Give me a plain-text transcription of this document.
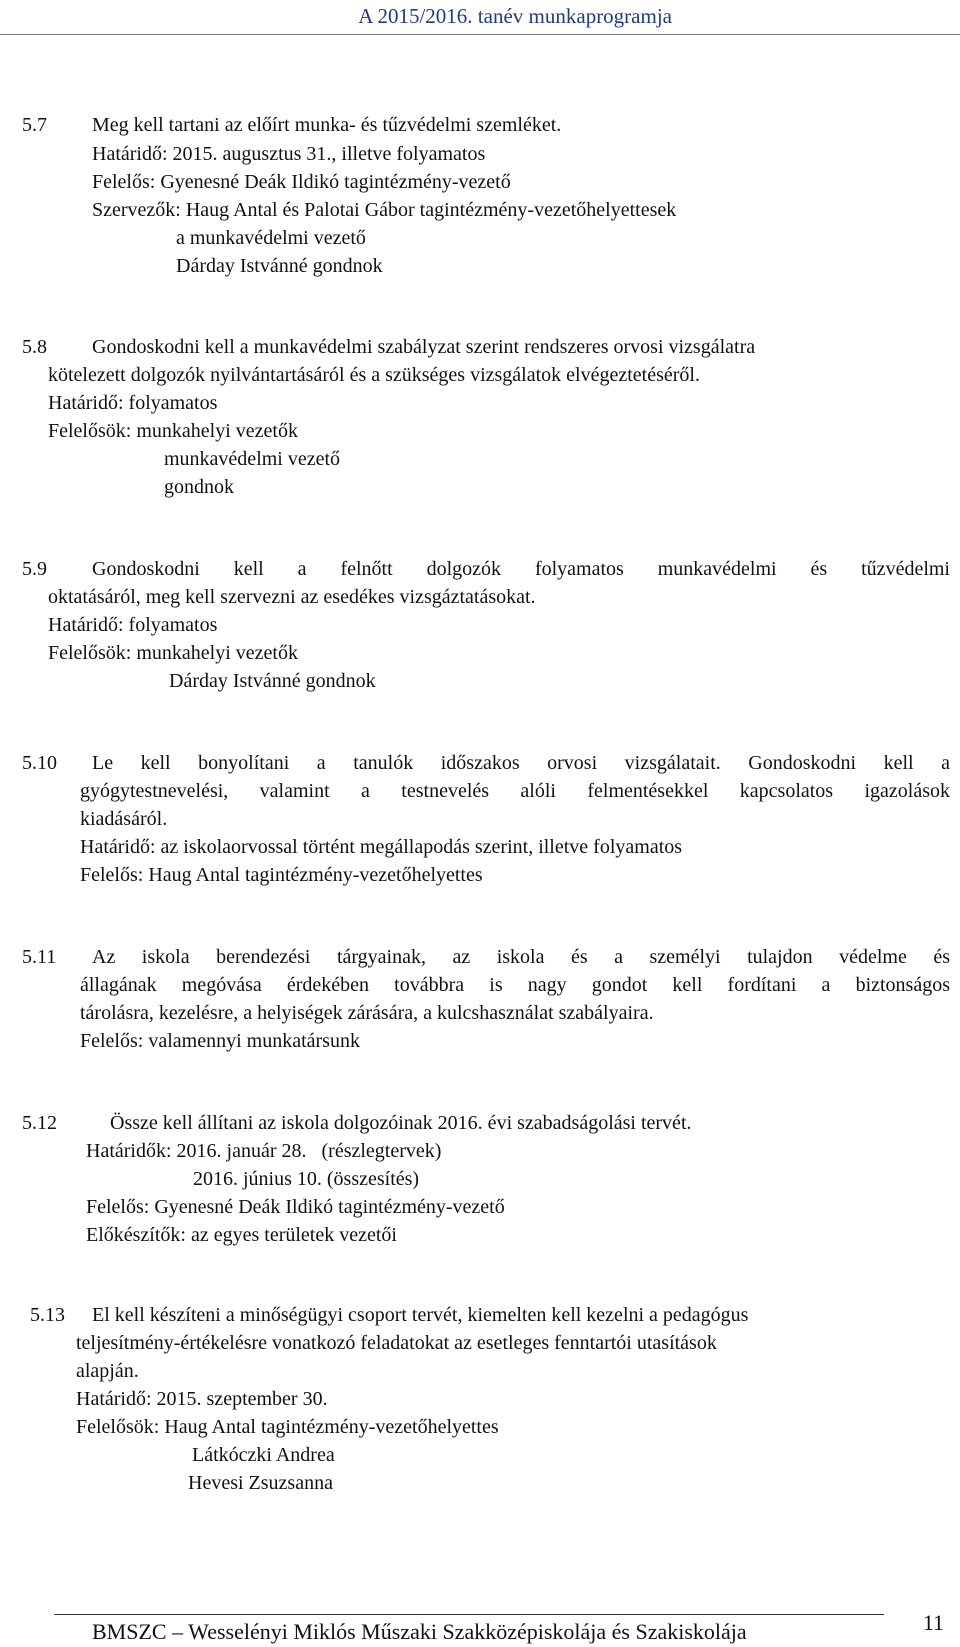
A 2015/2016. tanév munkaprogramja
5.7 Meg kell tartani az előírt munka- és tűzvédelmi szemléket.
Határidő: 2015. augusztus 31., illetve folyamatos
Felelős: Gyenesné Deák Ildikó tagintézmény-vezető
Szervezők: Haug Antal és Palotai Gábor tagintézmény-vezetőhelyettesek
a munkavédelmi vezető
Dárday Istvánné gondnok
5.8 Gondoskodni kell a munkavédelmi szabályzat szerint rendszeres orvosi vizsgálatra
kötelezett dolgozók nyilvántartásáról és a szükséges vizsgálatok elvégeztetéséről.
Határidő: folyamatos
Felelősök: munkahelyi vezetők
munkavédelmi vezető
gondnok
5.9 Gondoskodni kell a felnőtt dolgozók folyamatos munkavédelmi és tűzvédelmi
oktatásáról, meg kell szervezni az esedékes vizsgáztatásokat.
Határidő: folyamatos
Felelősök: munkahelyi vezetők
Dárday Istvánné gondnok
5.10 Le kell bonyolítani a tanulók időszakos orvosi vizsgálatait. Gondoskodni kell a
gyógytestnevelési, valamint a testnevelés alóli felmentésekkel kapcsolatos igazolások
kiadásáról.
Határidő: az iskolaorvossal történt megállapodás szerint, illetve folyamatos
Felelős: Haug Antal tagintézmény-vezetőhelyettes
5.11 Az iskola berendezési tárgyainak, az iskola és a személyi tulajdon védelme és
állagának megóvása érdekében továbbra is nagy gondot kell fordítani a biztonságos
tárolásra, kezelésre, a helyiségek zárására, a kulcshasználat szabályaira.
Felelős: valamennyi munkatársunk
5.12	Össze kell állítani az iskola dolgozóinak 2016. évi szabadságolási tervét.
Határidők: 2016. január 28.   (részlegtervek)
2016. június 10. (összesítés)
Felelős: Gyenesné Deák Ildikó tagintézmény-vezető
Előkészítők: az egyes területek vezetői
5.13 El kell készíteni a minőségügyi csoport tervét, kiemelten kell kezelni a pedagógus
teljesítmény-értékelésre vonatkozó feladatokat az esetleges fenntartói utasítások
alapján.
Határidő: 2015. szeptember 30.
Felelősök: Haug Antal tagintézmény-vezetőhelyettes
Látkóczki Andrea
Hevesi Zsuzsanna
BMSZC – Wesselényi Miklós Műszaki Szakközépiskolája és Szakiskolája	11
